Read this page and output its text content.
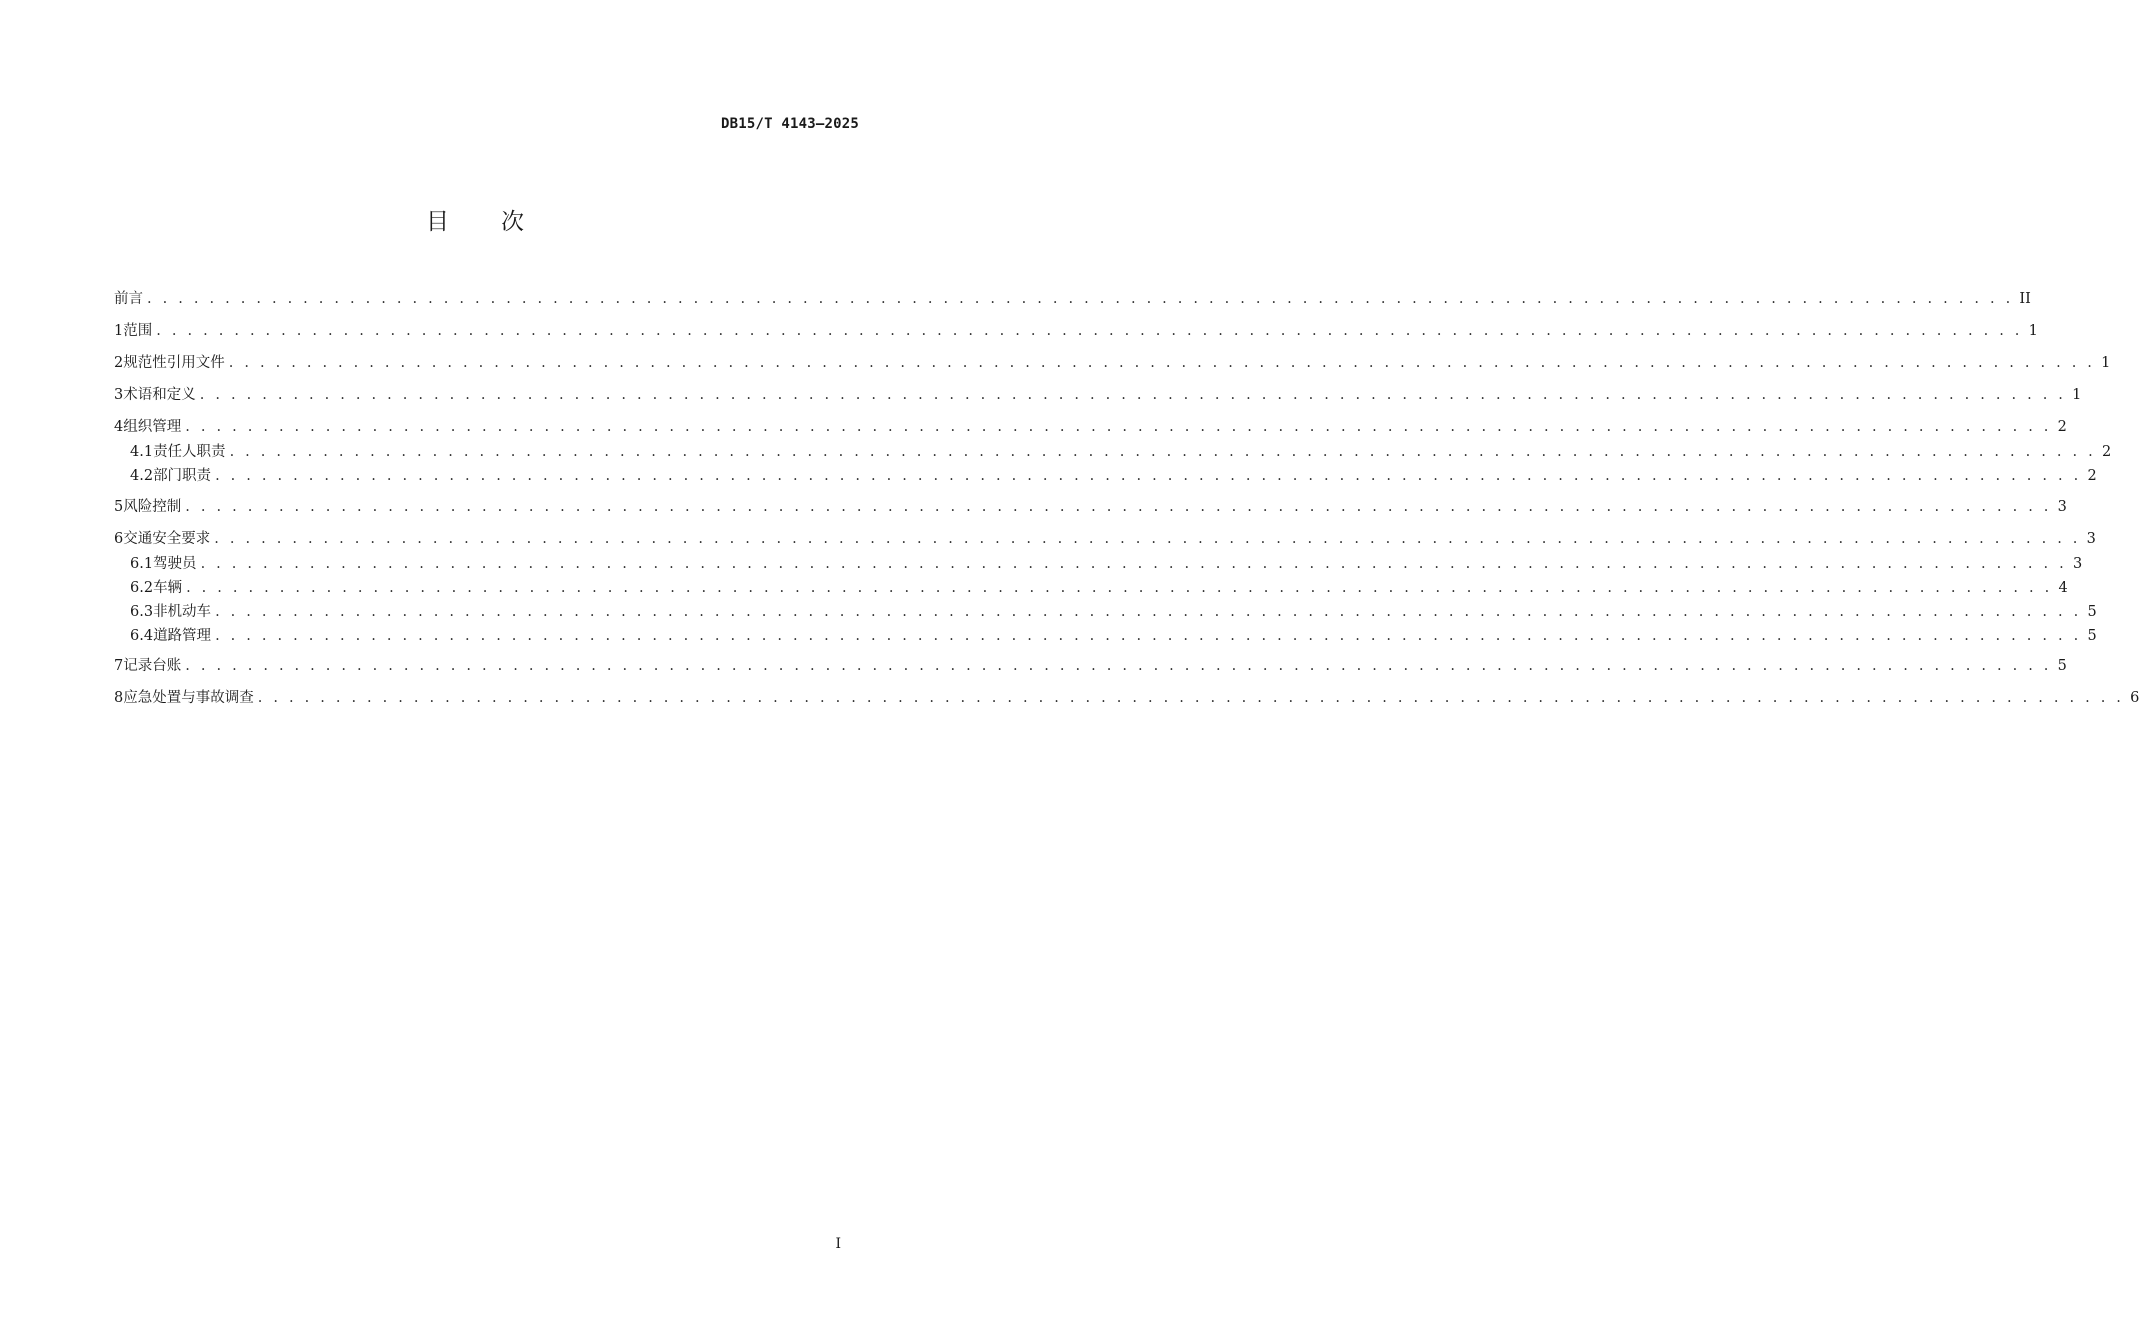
DB15/T 4143—2025
目次
前言 . . . . . . . . . . . . . . . . . . . . . . . . . . . . . . . . . . . . . . . . . . . . . . . . . . . . . . . . . . . . . . . . . . . . . . . . . . . . . . . . . . . . . . . . . . . . . . . . . . . . . . . . . . . . . . . . . . . . . . . . II
1 范围 . . . . . . . . . . . . . . . . . . . . . . . . . . . . . . . . . . . . . . . . . . . . . . . . . . . . . . . . . . . . . . . . . . . . . . . . . . . . . . . . . . . . . . . . . . . . . . . . . . . . . . . . . . . . . . . . . . . . . . . . 1
2 规范性引用文件 . . . . . . . . . . . . . . . . . . . . . . . . . . . . . . . . . . . . . . . . . . . . . . . . . . . . . . . . . . . . . . . . . . . . . . . . . . . . . . . . . . . . . . . . . . . . . . . . . . . . . . . . . . . . . . . . . . . . . . . . 1
3 术语和定义 . . . . . . . . . . . . . . . . . . . . . . . . . . . . . . . . . . . . . . . . . . . . . . . . . . . . . . . . . . . . . . . . . . . . . . . . . . . . . . . . . . . . . . . . . . . . . . . . . . . . . . . . . . . . . . . . . . . . . . . . 1
4 组织管理 . . . . . . . . . . . . . . . . . . . . . . . . . . . . . . . . . . . . . . . . . . . . . . . . . . . . . . . . . . . . . . . . . . . . . . . . . . . . . . . . . . . . . . . . . . . . . . . . . . . . . . . . . . . . . . . . . . . . . . . . 2
4.1 责任人职责 . . . . . . . . . . . . . . . . . . . . . . . . . . . . . . . . . . . . . . . . . . . . . . . . . . . . . . . . . . . . . . . . . . . . . . . . . . . . . . . . . . . . . . . . . . . . . . . . . . . . . . . . . . . . . . . . . . . . . . . . 2
4.2 部门职责 . . . . . . . . . . . . . . . . . . . . . . . . . . . . . . . . . . . . . . . . . . . . . . . . . . . . . . . . . . . . . . . . . . . . . . . . . . . . . . . . . . . . . . . . . . . . . . . . . . . . . . . . . . . . . . . . . . . . . . . . 2
5 风险控制 . . . . . . . . . . . . . . . . . . . . . . . . . . . . . . . . . . . . . . . . . . . . . . . . . . . . . . . . . . . . . . . . . . . . . . . . . . . . . . . . . . . . . . . . . . . . . . . . . . . . . . . . . . . . . . . . . . . . . . . . 3
6 交通安全要求 . . . . . . . . . . . . . . . . . . . . . . . . . . . . . . . . . . . . . . . . . . . . . . . . . . . . . . . . . . . . . . . . . . . . . . . . . . . . . . . . . . . . . . . . . . . . . . . . . . . . . . . . . . . . . . . . . . . . . . . . 3
6.1 驾驶员 . . . . . . . . . . . . . . . . . . . . . . . . . . . . . . . . . . . . . . . . . . . . . . . . . . . . . . . . . . . . . . . . . . . . . . . . . . . . . . . . . . . . . . . . . . . . . . . . . . . . . . . . . . . . . . . . . . . . . . . . 3
6.2 车辆 . . . . . . . . . . . . . . . . . . . . . . . . . . . . . . . . . . . . . . . . . . . . . . . . . . . . . . . . . . . . . . . . . . . . . . . . . . . . . . . . . . . . . . . . . . . . . . . . . . . . . . . . . . . . . . . . . . . . . . . . 4
6.3 非机动车 . . . . . . . . . . . . . . . . . . . . . . . . . . . . . . . . . . . . . . . . . . . . . . . . . . . . . . . . . . . . . . . . . . . . . . . . . . . . . . . . . . . . . . . . . . . . . . . . . . . . . . . . . . . . . . . . . . . . . . . . 5
6.4 道路管理 . . . . . . . . . . . . . . . . . . . . . . . . . . . . . . . . . . . . . . . . . . . . . . . . . . . . . . . . . . . . . . . . . . . . . . . . . . . . . . . . . . . . . . . . . . . . . . . . . . . . . . . . . . . . . . . . . . . . . . . . 5
7 记录台账 . . . . . . . . . . . . . . . . . . . . . . . . . . . . . . . . . . . . . . . . . . . . . . . . . . . . . . . . . . . . . . . . . . . . . . . . . . . . . . . . . . . . . . . . . . . . . . . . . . . . . . . . . . . . . . . . . . . . . . . . 5
8 应急处置与事故调查 . . . . . . . . . . . . . . . . . . . . . . . . . . . . . . . . . . . . . . . . . . . . . . . . . . . . . . . . . . . . . . . . . . . . . . . . . . . . . . . . . . . . . . . . . . . . . . . . . . . . . . . . . . . . . . . . . . . . . . . . 6
I
